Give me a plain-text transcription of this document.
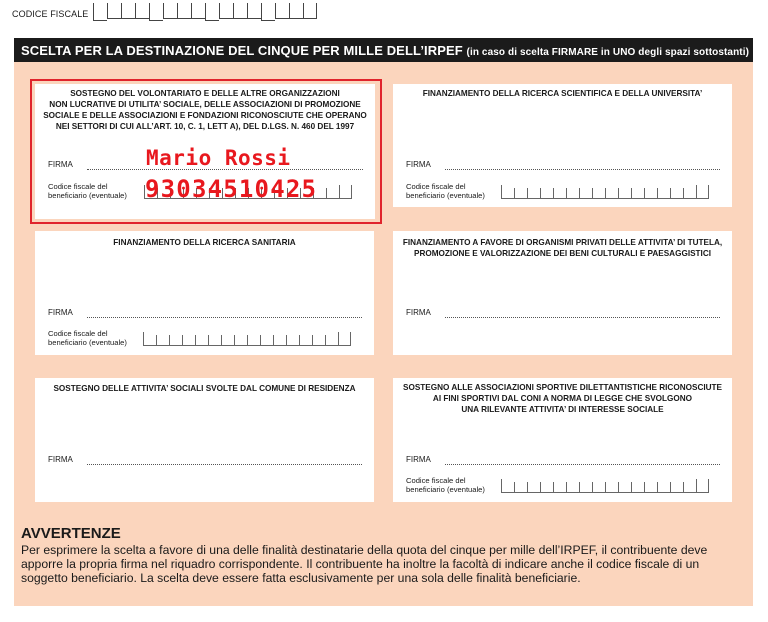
CODICE FISCALE
SCELTA PER LA DESTINAZIONE DEL CINQUE PER MILLE DELL’IRPEF (in caso di scelta FIRMARE in UNO degli spazi sottostanti)
SOSTEGNO DEL VOLONTARIATO E DELLE ALTRE ORGANIZZAZIONI
NON LUCRATIVE DI UTILITA’ SOCIALE, DELLE ASSOCIAZIONI DI PROMOZIONE
SOCIALE E DELLE ASSOCIAZIONI E FONDAZIONI RICONOSCIUTE CHE OPERANO
NEI SETTORI DI CUI ALL’ART. 10, C. 1, LETT A), DEL D.LGS. N. 460 DEL 1997
FIRMA
Codice fiscale del
beneficiario (eventuale)
FINANZIAMENTO DELLA RICERCA SCIENTIFICA E DELLA UNIVERSITA’
FIRMA
Codice fiscale del
beneficiario (eventuale)
FINANZIAMENTO DELLA RICERCA SANITARIA
FIRMA
Codice fiscale del
beneficiario (eventuale)
FINANZIAMENTO A FAVORE DI ORGANISMI PRIVATI DELLE ATTIVITA’ DI TUTELA,
PROMOZIONE E VALORIZZAZIONE DEI BENI CULTURALI E PAESAGGISTICI
FIRMA
SOSTEGNO DELLE ATTIVITA’ SOCIALI SVOLTE DAL COMUNE DI RESIDENZA
FIRMA
SOSTEGNO ALLE ASSOCIAZIONI SPORTIVE DILETTANTISTICHE RICONOSCIUTE
AI FINI SPORTIVI DAL CONI A NORMA DI LEGGE CHE SVOLGONO
UNA RILEVANTE ATTIVITA’ DI INTERESSE SOCIALE
FIRMA
Codice fiscale del
beneficiario (eventuale)
Mario Rossi
93034510425
AVVERTENZE
Per esprimere la scelta a favore di una delle finalità destinatarie della quota del cinque per mille dell’IRPEF, il contribuente deve apporre la propria firma nel riquadro corrispondente. Il contribuente ha inoltre la facoltà di indicare anche il codice fiscale di un soggetto beneficiario. La scelta deve essere fatta esclusivamente per una sola delle finalità beneficiarie.
